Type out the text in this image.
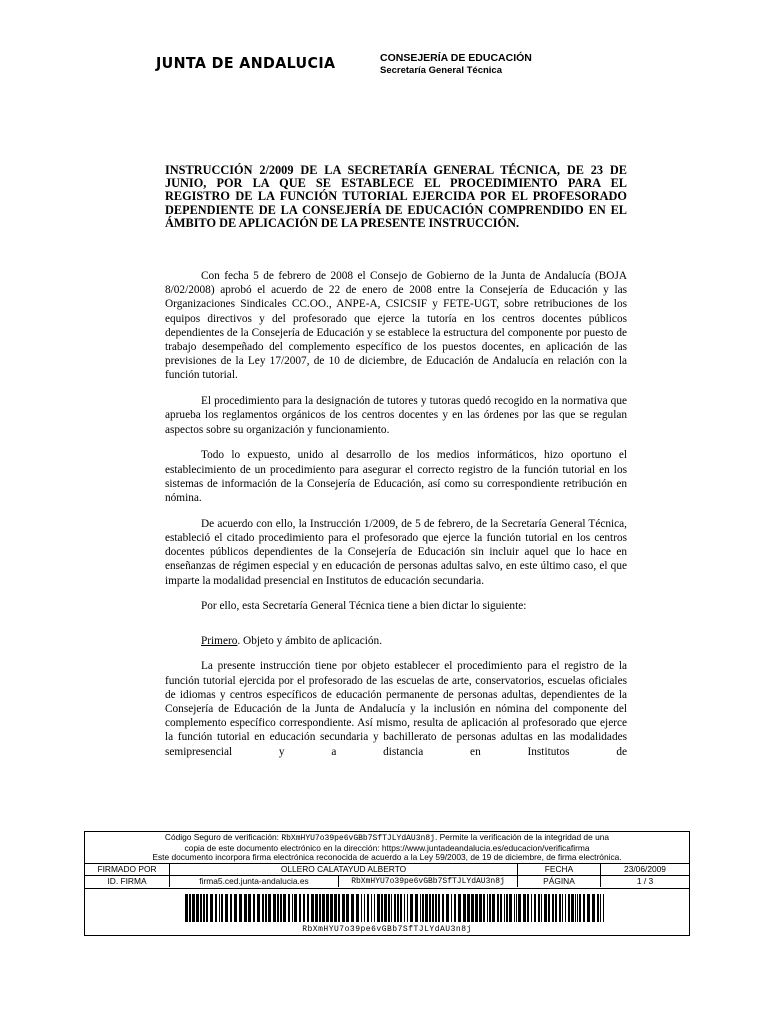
JUNTA DE ANDALUCIA	CONSEJERÍA DE EDUCACIÓN
Secretaría General Técnica
INSTRUCCIÓN 2/2009 DE LA SECRETARÍA GENERAL TÉCNICA, DE 23 DE JUNIO, POR LA QUE SE ESTABLECE EL PROCEDIMIENTO PARA EL REGISTRO DE LA FUNCIÓN TUTORIAL EJERCIDA POR EL PROFESORADO DEPENDIENTE DE LA CONSEJERÍA DE EDUCACIÓN COMPRENDIDO EN EL ÁMBITO DE APLICACIÓN DE LA PRESENTE INSTRUCCIÓN.

Con fecha 5 de febrero de 2008 el Consejo de Gobierno de la Junta de Andalucía (BOJA 8/02/2008) aprobó el acuerdo de 22 de enero de 2008 entre la Consejería de Educación y las Organizaciones Sindicales CC.OO., ANPE-A, CSICSIF y FETE-UGT, sobre retribuciones de los equipos directivos y del profesorado que ejerce la tutoría en los centros docentes públicos dependientes de la Consejería de Educación y se establece la estructura del componente por puesto de trabajo desempeñado del complemento específico de los puestos docentes, en aplicación de las previsiones de la Ley 17/2007, de 10 de diciembre, de Educación de Andalucía en relación con la función tutorial.

El procedimiento para la designación de tutores y tutoras quedó recogido en la normativa que aprueba los reglamentos orgánicos de los centros docentes y en las órdenes por las que se regulan aspectos sobre su organización y funcionamiento.

Todo lo expuesto, unido al desarrollo de los medios informáticos, hizo oportuno el establecimiento de un procedimiento para asegurar el correcto registro de la función tutorial en los sistemas de información de la Consejería de Educación, así como su correspondiente retribución en nómina.

De acuerdo con ello, la Instrucción 1/2009, de 5 de febrero, de la Secretaría General Técnica, estableció el citado procedimiento para el profesorado que ejerce la función tutorial en los centros docentes públicos dependientes de la Consejería de Educación sin incluir aquel que lo hace en enseñanzas de régimen especial y en educación de personas adultas salvo, en este último caso, el que imparte la modalidad presencial en Institutos de educación secundaria.

Por ello, esta Secretaría General Técnica tiene a bien dictar lo siguiente:

Primero. Objeto y ámbito de aplicación.

La presente instrucción tiene por objeto establecer el procedimiento para el registro de la función tutorial ejercida por el profesorado de las escuelas de arte, conservatorios, escuelas oficiales de idiomas y centros específicos de educación permanente de personas adultas, dependientes de la Consejería de Educación de la Junta de Andalucía y la inclusión en nómina del componente del complemento específico correspondiente. Así mismo, resulta de aplicación al profesorado que ejerce la función tutorial en educación secundaria y bachillerato de personas adultas en las modalidades semipresencial y a distancia en Institutos de

Código Seguro de verificación: RbXmHYU7o39pe6vGBb7SfTJLYdAU3n8j. Permite la verificación de la integridad de una
copia de este documento electrónico en la dirección: https://www.juntadeandalucia.es/educacion/verificafirma
Este documento incorpora firma electrónica reconocida de acuerdo a la Ley 59/2003, de 19 de diciembre, de firma electrónica.
FIRMADO POR	OLLERO CALATAYUD ALBERTO	FECHA	23/06/2009
ID. FIRMA	firma5.ced.junta-andalucia.es	RbXmHYU7o39pe6vGBb7SfTJLYdAU3n8j	PÁGINA	1 / 3
RbXmHYU7o39pe6vGBb7SfTJLYdAU3n8j
